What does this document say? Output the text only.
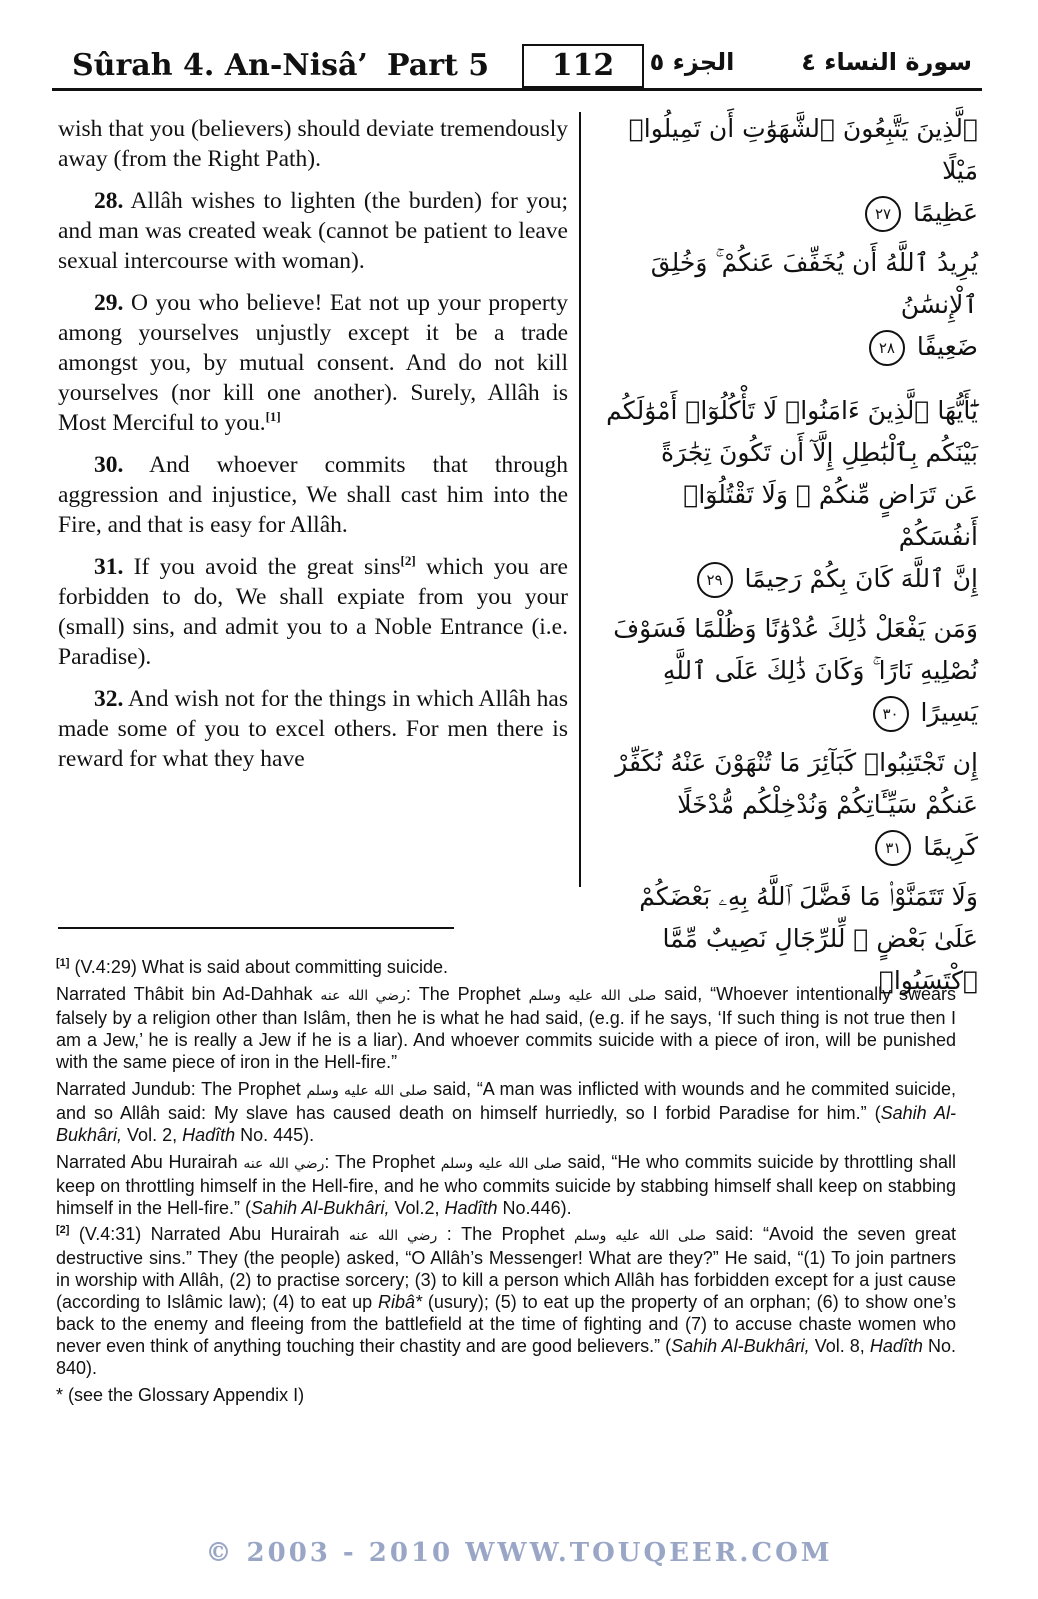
Sûrah 4. An-Nisâ’ Part 5	112	الجزء ٥	سورة النساء ٤

wish that you (believers) should deviate tremendously away (from the Right Path).

28. Allâh wishes to lighten (the burden) for you; and man was created weak (cannot be patient to leave sexual intercourse with woman).

29. O you who believe! Eat not up your property among yourselves unjustly except it be a trade amongst you, by mutual consent. And do not kill yourselves (nor kill one another). Surely, Allâh is Most Merciful to you.[1]

30. And whoever commits that through aggression and injustice, We shall cast him into the Fire, and that is easy for Allâh.

31. If you avoid the great sins[2] which you are forbidden to do, We shall expiate from you your (small) sins, and admit you to a Noble Entrance (i.e. Paradise).

32. And wish not for the things in which Allâh has made some of you to excel others. For men there is reward for what they have

ٱلَّذِينَ يَتَّبِعُونَ ٱلشَّهَوَٰتِ أَن تَمِيلُوا۟ مَيْلًا
عَظِيمًا ٢٧

يُرِيدُ ٱللَّهُ أَن يُخَفِّفَ عَنكُمْ ۚ وَخُلِقَ ٱلْإِنسَٰنُ
ضَعِيفًا ٢٨

يَٰٓأَيُّهَا ٱلَّذِينَ ءَامَنُوا۟ لَا تَأْكُلُوٓا۟ أَمْوَٰلَكُم
بَيْنَكُم بِٱلْبَٰطِلِ إِلَّآ أَن تَكُونَ تِجَٰرَةً
عَن تَرَاضٍ مِّنكُمْ ۚ وَلَا تَقْتُلُوٓا۟ أَنفُسَكُمْ
إِنَّ ٱللَّهَ كَانَ بِكُمْ رَحِيمًا ٢٩

وَمَن يَفْعَلْ ذَٰلِكَ عُدْوَٰنًا وَظُلْمًا فَسَوْفَ
نُصْلِيهِ نَارًا ۚ وَكَانَ ذَٰلِكَ عَلَى ٱللَّهِ
يَسِيرًا ٣٠

إِن تَجْتَنِبُوا۟ كَبَآئِرَ مَا تُنْهَوْنَ عَنْهُ نُكَفِّرْ
عَنكُمْ سَيِّـَٔاتِكُمْ وَنُدْخِلْكُم مُّدْخَلًا
كَرِيمًا ٣١

وَلَا تَتَمَنَّوْا۟ مَا فَضَّلَ ٱللَّهُ بِهِۦ بَعْضَكُمْ
عَلَىٰ بَعْضٍ ۚ لِّلرِّجَالِ نَصِيبٌ مِّمَّا ٱكْتَسَبُوا۟

[1] (V.4:29) What is said about committing suicide.

Narrated Thâbit bin Ad-Dahhak رضي الله عنه: The Prophet صلى الله عليه وسلم said, “Whoever intentionally swears falsely by a religion other than Islâm, then he is what he had said, (e.g. if he says, ‘If such thing is not true then I am a Jew,’ he is really a Jew if he is a liar). And whoever commits suicide with a piece of iron, will be punished with the same piece of iron in the Hell-fire.”

Narrated Jundub: The Prophet صلى الله عليه وسلم said, “A man was inflicted with wounds and he commited suicide, and so Allâh said: My slave has caused death on himself hurriedly, so I forbid Paradise for him.” (Sahih Al-Bukhâri, Vol. 2, Hadîth No. 445).

Narrated Abu Hurairah رضي الله عنه: The Prophet صلى الله عليه وسلم said, “He who commits suicide by throttling shall keep on throttling himself in the Hell-fire, and he who commits suicide by stabbing himself shall keep on stabbing himself in the Hell-fire.” (Sahih Al-Bukhâri, Vol.2, Hadîth No.446).

[2] (V.4:31) Narrated Abu Hurairah رضي الله عنه : The Prophet صلى الله عليه وسلم said: “Avoid the seven great destructive sins.” They (the people) asked, “O Allâh’s Messenger! What are they?” He said, “(1) To join partners in worship with Allâh, (2) to practise sorcery; (3) to kill a person which Allâh has forbidden except for a just cause (according to Islâmic law); (4) to eat up Ribâ* (usury); (5) to eat up the property of an orphan; (6) to show one’s back to the enemy and fleeing from the battlefield at the time of fighting and (7) to accuse chaste women who never even think of anything touching their chastity and are good believers.” (Sahih Al-Bukhâri, Vol. 8, Hadîth No. 840).

* (see the Glossary Appendix I)

© 2003 - 2010 WWW.TOUQEER.COM
